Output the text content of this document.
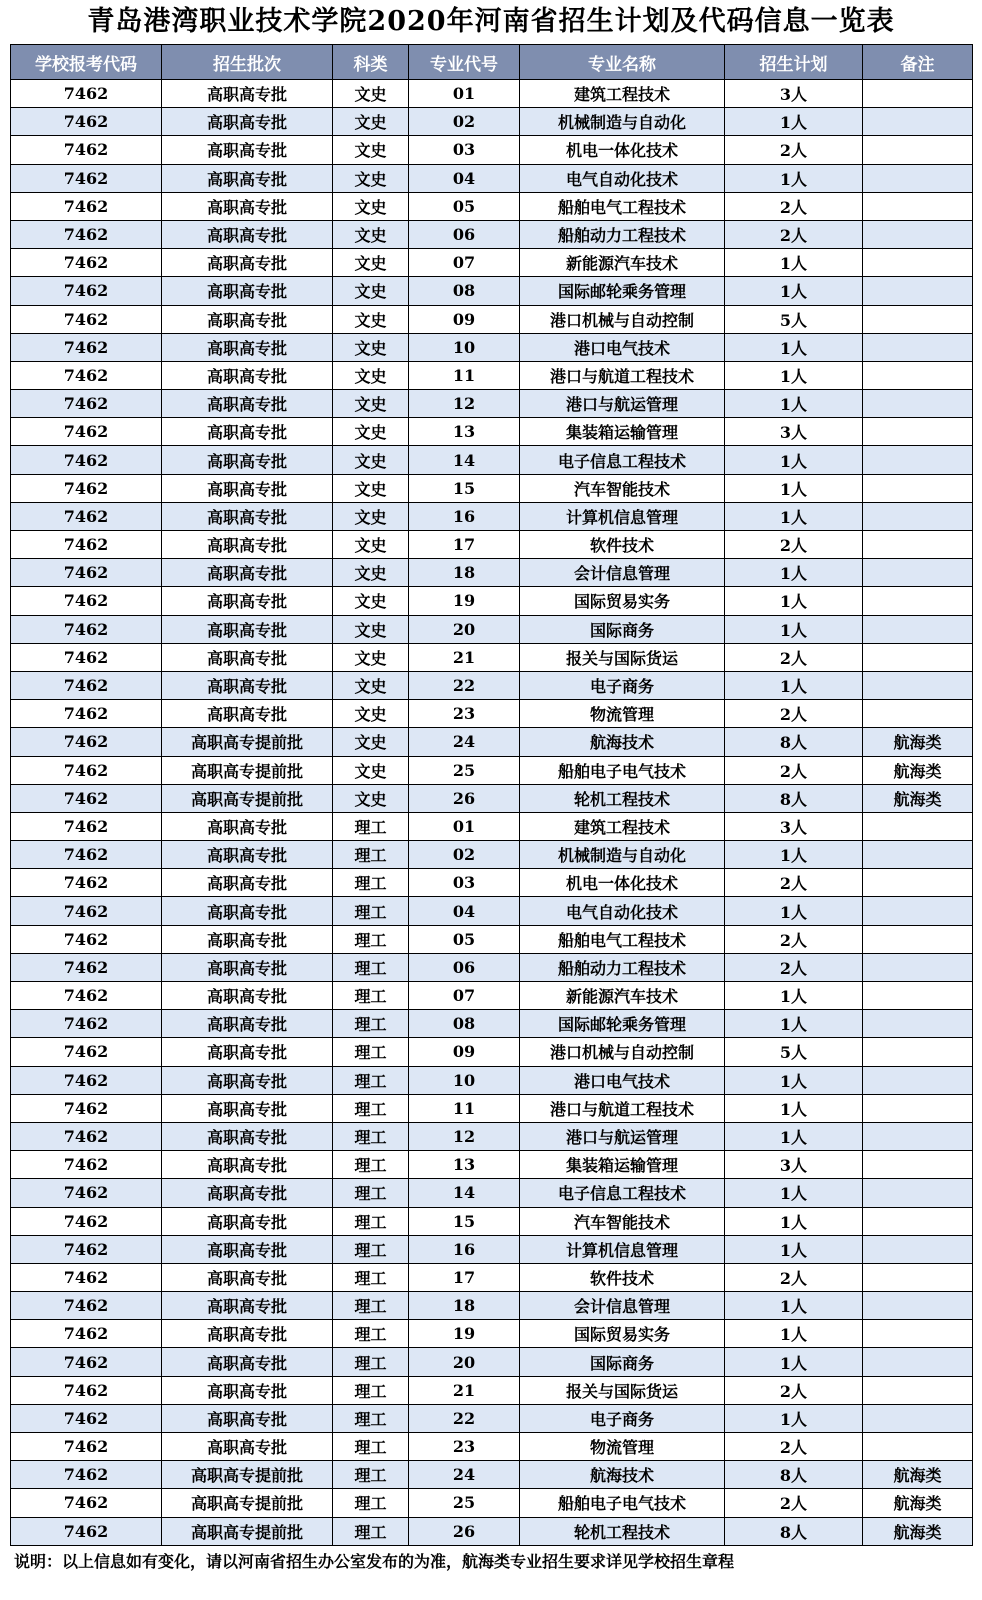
青岛港湾职业技术学院2020年河南省招生计划及代码信息一览表
学校报考代码	招生批次	科类	专业代号	专业名称	招生计划	备注
7462	高职高专批	文史	01	建筑工程技术	3人	
7462	高职高专批	文史	02	机械制造与自动化	1人	
7462	高职高专批	文史	03	机电一体化技术	2人	
7462	高职高专批	文史	04	电气自动化技术	1人	
7462	高职高专批	文史	05	船舶电气工程技术	2人	
7462	高职高专批	文史	06	船舶动力工程技术	2人	
7462	高职高专批	文史	07	新能源汽车技术	1人	
7462	高职高专批	文史	08	国际邮轮乘务管理	1人	
7462	高职高专批	文史	09	港口机械与自动控制	5人	
7462	高职高专批	文史	10	港口电气技术	1人	
7462	高职高专批	文史	11	港口与航道工程技术	1人	
7462	高职高专批	文史	12	港口与航运管理	1人	
7462	高职高专批	文史	13	集装箱运输管理	3人	
7462	高职高专批	文史	14	电子信息工程技术	1人	
7462	高职高专批	文史	15	汽车智能技术	1人	
7462	高职高专批	文史	16	计算机信息管理	1人	
7462	高职高专批	文史	17	软件技术	2人	
7462	高职高专批	文史	18	会计信息管理	1人	
7462	高职高专批	文史	19	国际贸易实务	1人	
7462	高职高专批	文史	20	国际商务	1人	
7462	高职高专批	文史	21	报关与国际货运	2人	
7462	高职高专批	文史	22	电子商务	1人	
7462	高职高专批	文史	23	物流管理	2人	
7462	高职高专提前批	文史	24	航海技术	8人	航海类
7462	高职高专提前批	文史	25	船舶电子电气技术	2人	航海类
7462	高职高专提前批	文史	26	轮机工程技术	8人	航海类
7462	高职高专批	理工	01	建筑工程技术	3人	
7462	高职高专批	理工	02	机械制造与自动化	1人	
7462	高职高专批	理工	03	机电一体化技术	2人	
7462	高职高专批	理工	04	电气自动化技术	1人	
7462	高职高专批	理工	05	船舶电气工程技术	2人	
7462	高职高专批	理工	06	船舶动力工程技术	2人	
7462	高职高专批	理工	07	新能源汽车技术	1人	
7462	高职高专批	理工	08	国际邮轮乘务管理	1人	
7462	高职高专批	理工	09	港口机械与自动控制	5人	
7462	高职高专批	理工	10	港口电气技术	1人	
7462	高职高专批	理工	11	港口与航道工程技术	1人	
7462	高职高专批	理工	12	港口与航运管理	1人	
7462	高职高专批	理工	13	集装箱运输管理	3人	
7462	高职高专批	理工	14	电子信息工程技术	1人	
7462	高职高专批	理工	15	汽车智能技术	1人	
7462	高职高专批	理工	16	计算机信息管理	1人	
7462	高职高专批	理工	17	软件技术	2人	
7462	高职高专批	理工	18	会计信息管理	1人	
7462	高职高专批	理工	19	国际贸易实务	1人	
7462	高职高专批	理工	20	国际商务	1人	
7462	高职高专批	理工	21	报关与国际货运	2人	
7462	高职高专批	理工	22	电子商务	1人	
7462	高职高专批	理工	23	物流管理	2人	
7462	高职高专提前批	理工	24	航海技术	8人	航海类
7462	高职高专提前批	理工	25	船舶电子电气技术	2人	航海类
7462	高职高专提前批	理工	26	轮机工程技术	8人	航海类
说明：以上信息如有变化，请以河南省招生办公室发布的为准，航海类专业招生要求详见学校招生章程
